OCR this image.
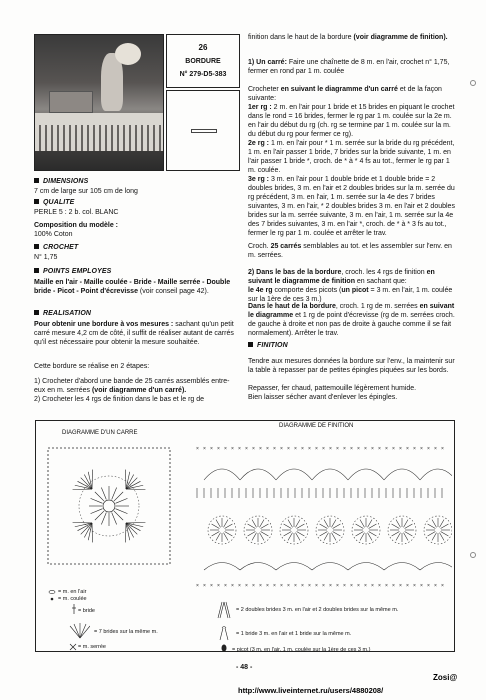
26
BORDURE
N° 279-D5-383
DIMENSIONS
7 cm de large sur 105 cm de long
QUALITE
PERLE 5 : 2 b. col. BLANC
Composition du modèle :
100% Coton
CROCHET
N° 1,75
POINTS EMPLOYES
Maille en l'air - Maille coulée - Bride - Maille serrée - Double bride - Picot - Point d'écrevisse (voir conseil page 42).
REALISATION
Pour obtenir une bordure à vos mesures : sachant qu'un petit carré mesure 4,2 cm de côté, il suffit de réaliser autant de carrés qu'il est nécessaire pour obtenir la mesure souhaitée.
Cette bordure se réalise en 2 étapes:
1) Crocheter d'abord une bande de 25 carrés assemblés entre-eux en m. serrées (voir diagramme d'un carré).
2) Crocheter les 4 rgs de finition dans le bas et le rg de
finition dans le haut de la bordure (voir diagramme de finition).
1) Un carré: Faire une chaînette de 8 m. en l'air, crochet n° 1,75, fermer en rond par 1 m. coulée
Crocheter en suivant le diagramme d'un carré et de la façon suivante:
1er rg : 2 m. en l'air pour 1 bride et 15 brides en piquant le crochet dans le rond = 16 brides, fermer le rg par 1 m. coulée sur la 2e m. en l'air du début du rg (ch. rg se termine par 1 m. coulée sur la m. du début du rg pour fermer ce rg).
2e rg : 1 m. en l'air pour * 1 m. serrée sur la bride du rg précédent, 1 m. en l'air passer 1 bride, 7 brides sur la bride suivante, 1 m. en l'air passer 1 bride *, croch. de * à * 4 fs au tot., fermer le rg par 1 m. coulée.
3e rg : 3 m. en l'air pour 1 double bride et 1 double bride = 2 doubles brides, 3 m. en l'air et 2 doubles brides sur la m. serrée du rg précédent, 3 m. en l'air, 1 m. serrée sur la 4e des 7 brides suivantes, 3 m. en l'air, * 2 doubles brides 3 m. en l'air et 2 doubles brides sur la m. serrée suivante, 3 m. en l'air, 1 m. serrée sur la 4e des 7 brides suivantes, 3 m. en l'air *, croch. de * à * 3 fs au tot., fermer le rg par 1 m. coulée et arrêter le trav.
Croch. 25 carrés semblables au tot. et les assembler sur l'env. en m. serrées.
2) Dans le bas de la bordure, croch. les 4 rgs de finition en suivant le diagramme de finition en sachant que:
le 4e rg comporte des picots (un picot = 3 m. en l'air, 1 m. coulée sur la 1ère de ces 3 m.)
Dans le haut de la bordure, croch. 1 rg de m. serrées en suivant le diagramme et 1 rg de point d'écrevisse (rg de m. serrées croch. de gauche à droite et non pas de droite à gauche comme il se fait normalement). Arrêter le trav.
FINITION
Tendre aux mesures données la bordure sur l'env., la maintenir sur la table à repasser par de petites épingles piquées sur les bords.
Repasser, fer chaud, pattemouille légèrement humide.
Bien laisser sécher avant d'enlever les épingles.
DIAGRAMME D'UN CARRE
DIAGRAMME DE FINITION
×
×
×
×
×
×
×
×
×
×
×
×
×
×
×
×
×
×
×
×
×
×
×
×
×
×
×
×
×
×
×
×
×
×
×
×
×
×
×
×
×
×
×
×
×
×
×
×
×
×
×
×
×
×
×
×
×
×
×
×
×
×
×
×
×
×
×
×
×
×
×
×
= m. en l'air
= m. coulée
= bride
= 7 brides sur la même m.
= m. serrée
= 2 doubles brides 3 m. en l'air et 2 doubles brides sur la même m.
= 1 bride 3 m. en l'air et 1 bride sur la même m.
= picot (3 m. en l'air, 1 m. coulée sur la 1ère de ces 3 m.)
- 48 -
Zosi@
http://www.liveinternet.ru/users/4880208/
